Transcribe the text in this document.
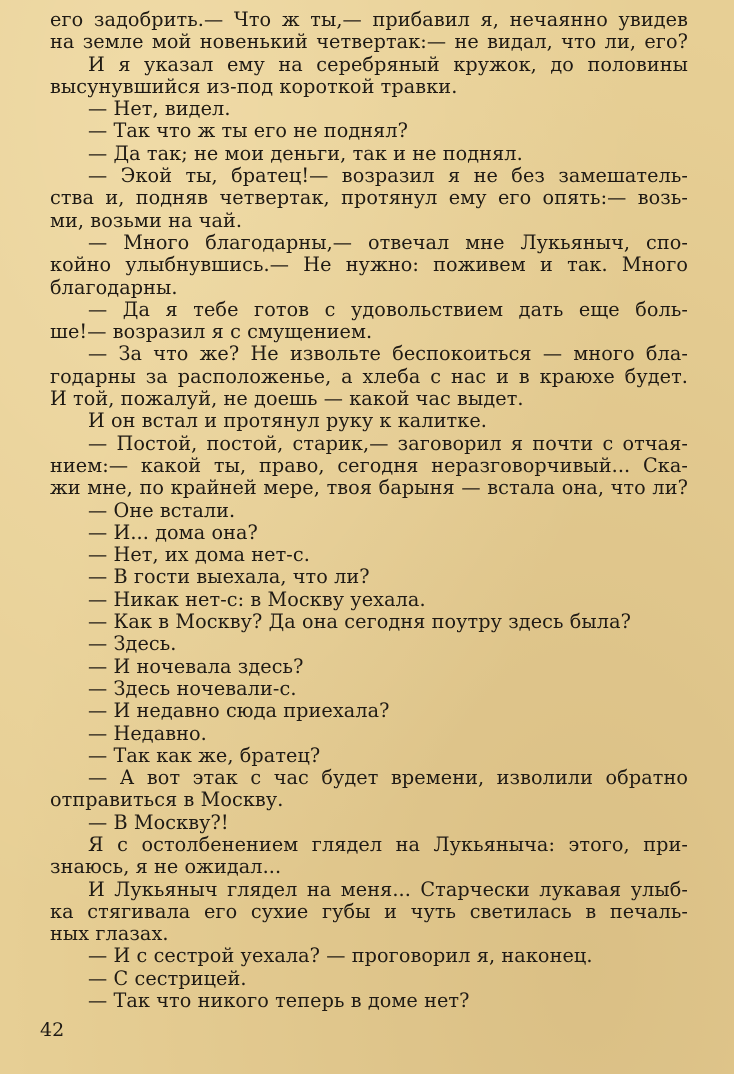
его задобрить.— Что ж ты,— прибавил я, нечаянно увидев
на земле мой новенький четвертак:— не видал, что ли, его?
И я указал ему на серебряный кружок, до половины
высунувшийся из-под короткой травки.
— Нет, видел.
— Так что ж ты его не поднял?
— Да так; не мои деньги, так и не поднял.
— Экой ты, братец!— возразил я не без замешатель-
ства и, подняв четвертак, протянул ему его опять:— возь-
ми, возьми на чай.
— Много благодарны,— отвечал мне Лукьяныч, спо-
койно улыбнувшись.— Не нужно: поживем и так. Много
благодарны.
— Да я тебе готов с удовольствием дать еще боль-
ше!— возразил я с смущением.
— За что же? Не извольте беспокоиться — много бла-
годарны за расположенье, а хлеба с нас и в краюхе будет.
И той, пожалуй, не доешь — какой час выдет.
И он встал и протянул руку к калитке.
— Постой, постой, старик,— заговорил я почти с отчая-
нием:— какой ты, право, сегодня неразговорчивый... Ска-
жи мне, по крайней мере, твоя барыня — встала она, что ли?
— Оне встали.
— И... дома она?
— Нет, их дома нет-с.
— В гости выехала, что ли?
— Никак нет-с: в Москву уехала.
— Как в Москву? Да она сегодня поутру здесь была?
— Здесь.
— И ночевала здесь?
— Здесь ночевали-с.
— И недавно сюда приехала?
— Недавно.
— Так как же, братец?
— А вот этак с час будет времени, изволили обратно
отправиться в Москву.
— В Москву?!
Я с остолбенением глядел на Лукьяныча: этого, при-
знаюсь, я не ожидал...
И Лукьяныч глядел на меня... Старчески лукавая улыб-
ка стягивала его сухие губы и чуть светилась в печаль-
ных глазах.
— И с сестрой уехала? — проговорил я, наконец.
— С сестрицей.
— Так что никого теперь в доме нет?
42
